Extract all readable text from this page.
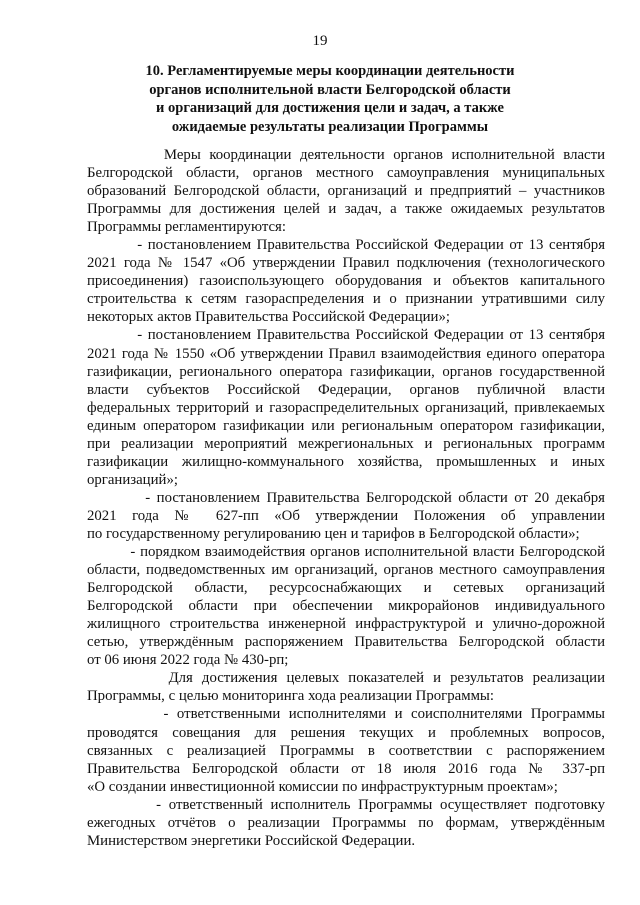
19
10. Регламентируемые меры координации деятельности
органов исполнительной власти Белгородской области
и организаций для достижения цели и задач, а также
ожидаемые результаты реализации Программы
Меры координации деятельности органов исполнительной власти
Белгородской области, органов местного самоуправления муниципальных
образований Белгородской области, организаций и предприятий – участников
Программы для достижения целей и задач, а также ожидаемых результатов
Программы регламентируются:
- постановлением Правительства Российской Федерации от 13 сентября
2021 года № 1547 «Об утверждении Правил подключения (технологического
присоединения) газоиспользующего оборудования и объектов капитального
строительства к сетям газораспределения и о признании утратившими силу
некоторых актов Правительства Российской Федерации»;
- постановлением Правительства Российской Федерации от 13 сентября
2021 года № 1550 «Об утверждении Правил взаимодействия единого оператора
газификации, регионального оператора газификации, органов государственной
власти субъектов Российской Федерации, органов публичной власти
федеральных территорий и газораспределительных организаций, привлекаемых
единым оператором газификации или региональным оператором газификации,
при реализации мероприятий межрегиональных и региональных программ
газификации жилищно-коммунального хозяйства, промышленных и иных
организаций»;
- постановлением Правительства Белгородской области от 20 декабря
2021 года № 627-пп «Об утверждении Положения об управлении
по государственному регулированию цен и тарифов в Белгородской области»;
- порядком взаимодействия органов исполнительной власти Белгородской
области, подведомственных им организаций, органов местного самоуправления
Белгородской области, ресурсоснабжающих и сетевых организаций
Белгородской области при обеспечении микрорайонов индивидуального
жилищного строительства инженерной инфраструктурой и улично-дорожной
сетью, утверждённым распоряжением Правительства Белгородской области
от 06 июня 2022 года № 430-рп;
Для достижения целевых показателей и результатов реализации
Программы, с целью мониторинга хода реализации Программы:
- ответственными исполнителями и соисполнителями Программы
проводятся совещания для решения текущих и проблемных вопросов,
связанных с реализацией Программы в соответствии с распоряжением
Правительства Белгородской области от 18 июля 2016 года № 337-рп
«О создании инвестиционной комиссии по инфраструктурным проектам»;
- ответственный исполнитель Программы осуществляет подготовку
ежегодных отчётов о реализации Программы по формам, утверждённым
Министерством энергетики Российской Федерации.
